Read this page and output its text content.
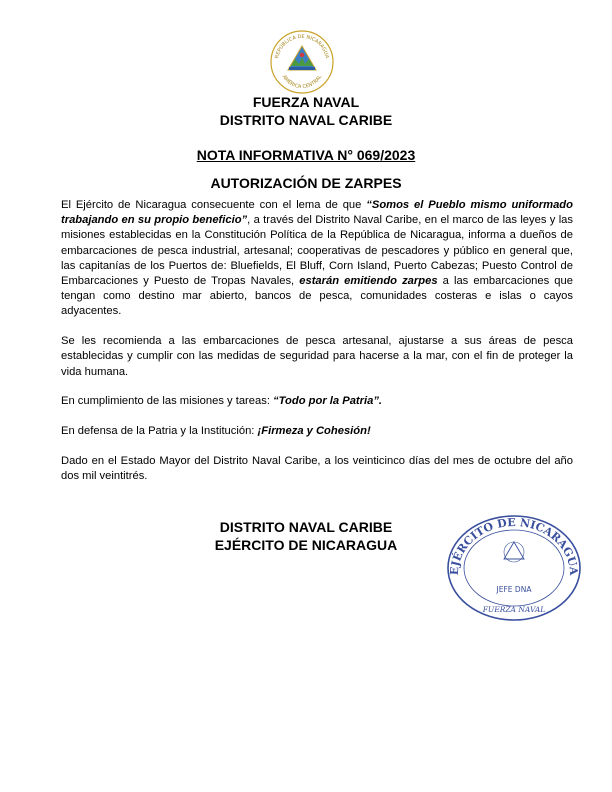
REPÚBLICA DE NICARAGUA
AMÉRICA CENTRAL
FUERZA NAVAL
DISTRITO NAVAL CARIBE
NOTA INFORMATIVA N° 069/2023
AUTORIZACIÓN DE ZARPES

El Ejército de Nicaragua consecuente con el lema de que “Somos el Pueblo mismo uniformado trabajando en su propio beneficio”, a través del Distrito Naval Caribe, en el marco de las leyes y las misiones establecidas en la Constitución Política de la República de Nicaragua, informa a dueños de embarcaciones de pesca industrial, artesanal; cooperativas de pescadores y público en general que, las capitanías de los Puertos de: Bluefields, El Bluff, Corn Island, Puerto Cabezas; Puesto Control de Embarcaciones y Puesto de Tropas Navales, estarán emitiendo zarpes a las embarcaciones que tengan como destino mar abierto, bancos de pesca, comunidades costeras e islas o cayos adyacentes.

Se les recomienda a las embarcaciones de pesca artesanal, ajustarse a sus áreas de pesca establecidas y cumplir con las medidas de seguridad para hacerse a la mar, con el fin de proteger la vida humana.

En cumplimiento de las misiones y tareas: “Todo por la Patria”.

En defensa de la Patria y la Institución: ¡Firmeza y Cohesión!

Dado en el Estado Mayor del Distrito Naval Caribe, a los veinticinco días del mes de octubre del año dos mil veintitrés.

DISTRITO NAVAL CARIBE
EJÉRCITO DE NICARAGUA
EJÉRCITO DE NICARAGUA
JEFE DNA
FUERZA NAVAL
